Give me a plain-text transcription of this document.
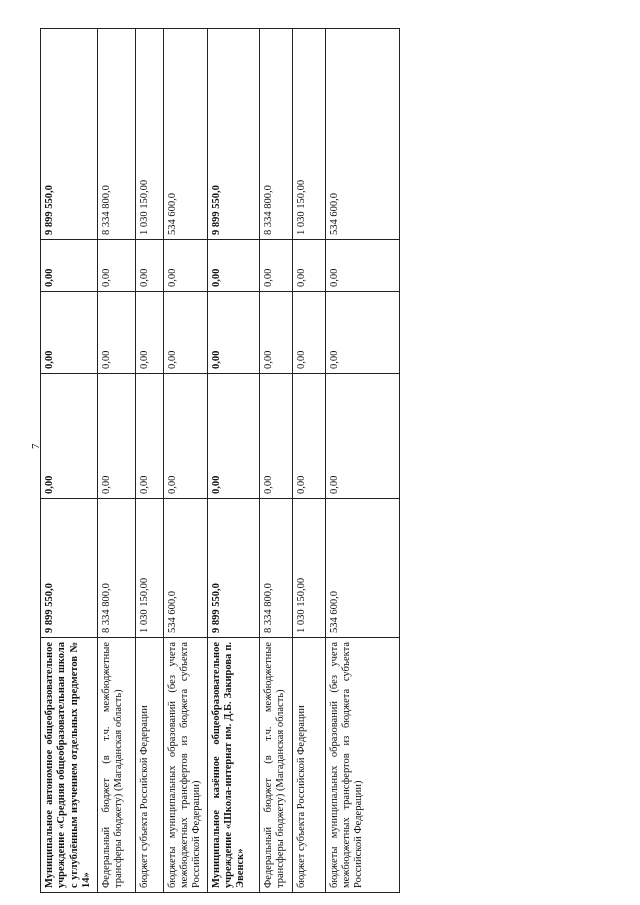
7
Муниципальное автономное общеобразовательное учреждение «Средняя общеобразовательная школа с углублённым изучением отдельных предметов № 14»	9 899 550,0	0,00	0,00	0,00	9 899 550,0
Федеральный бюджет (в т.ч. межбюджетные трансферы бюджету) (Магаданская область)	8 334 800,0	0,00	0,00	0,00	8 334 800,0
бюджет субъекта Российской Федерации	1 030 150,00	0,00	0,00	0,00	1 030 150,00
бюджеты муниципальных образований (без учета межбюджетных трансфертов из бюджета субъекта Российской Федерации)	534 600,0	0,00	0,00	0,00	534 600,0
Муниципальное казённое общеобразовательное учреждение «Школа-интернат им. Д.Б. Закирова п. Эвенск»	9 899 550,0	0,00	0,00	0,00	9 899 550,0
Федеральный бюджет (в т.ч. межбюджетные трансферы бюджету) (Магаданская область)	8 334 800,0	0,00	0,00	0,00	8 334 800,0
бюджет субъекта Российской Федерации	1 030 150,00	0,00	0,00	0,00	1 030 150,00
бюджеты муниципальных образований (без учета межбюджетных трансфертов из бюджета субъекта Российской Федерации)	534 600,0	0,00	0,00	0,00	534 600,0
